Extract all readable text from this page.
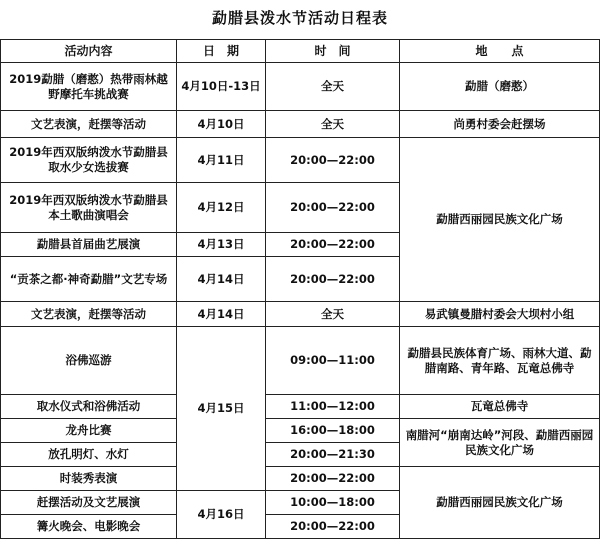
勐腊县泼水节活动日程表
活动内容	日　期	时　间	地　　点
2019勐腊（磨憨）热带雨林越野摩托车挑战赛	4月10日-13日	全天	勐腊（磨憨）
文艺表演，赶摆等活动	4月10日	全天	尚勇村委会赶摆场
2019年西双版纳泼水节勐腊县取水少女选拔赛	4月11日	20:00—22:00	勐腊西丽园民族文化广场
2019年西双版纳泼水节勐腊县本土歌曲演唱会	4月12日	20:00—22:00	
勐腊县首届曲艺展演	4月13日	20:00—22:00	
“贡茶之都·神奇勐腊”文艺专场	4月14日	20:00—22:00	
文艺表演，赶摆等活动	4月14日	全天	易武镇曼腊村委会大坝村小组
浴佛巡游	4月15日	09:00—11:00	勐腊县民族体育广场、雨林大道、勐腊南路、青年路、瓦竜总佛寺
取水仪式和浴佛活动		11:00—12:00	瓦竜总佛寺
龙舟比赛		16:00—18:00	南腊河“崩南达岭”河段、勐腊西丽园民族文化广场
放孔明灯、水灯		20:00—21:30	
时装秀表演		20:00—22:00	勐腊西丽园民族文化广场
赶摆活动及文艺展演	4月16日	10:00—18:00	
篝火晚会、电影晚会		20:00—22:00	
